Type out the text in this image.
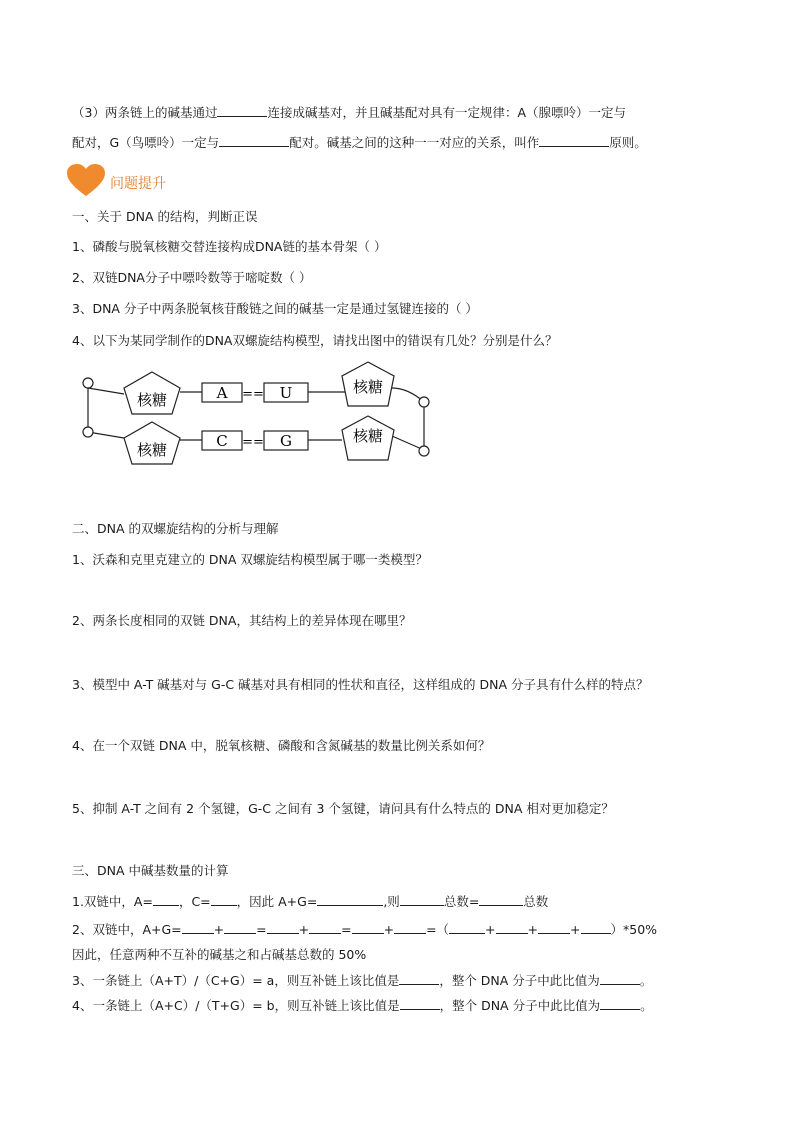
（3）两条链上的碱基通过	连接成碱基对，并且碱基配对具有一定规律：A（腺嘌呤）一定与
配对，G（鸟嘌呤）一定与	配对。碱基之间的这种一一对应的关系，叫作	原则。
问题提升
一、关于 DNA 的结构，判断正误
1、磷酸与脱氧核糖交替连接构成DNA链的基本骨架（ ）
2、双链DNA分子中嘌呤数等于嘧啶数（ ）
3、DNA 分子中两条脱氧核苷酸链之间的碱基一定是通过氢键连接的（ ）
4、以下为某同学制作的DNA双螺旋结构模型，请找出图中的错误有几处？分别是什么？
核糖
核糖
核糖
核糖
A	U
C	G
==
==
二、DNA 的双螺旋结构的分析与理解
1、沃森和克里克建立的 DNA 双螺旋结构模型属于哪一类模型？
2、两条长度相同的双链 DNA，其结构上的差异体现在哪里？
3、模型中 A-T 碱基对与 G-C 碱基对具有相同的性状和直径，这样组成的 DNA 分子具有什么样的特点？
4、在一个双链 DNA 中，脱氧核糖、磷酸和含氮碱基的数量比例关系如何？
5、抑制 A-T 之间有 2 个氢键，G-C 之间有 3 个氢键，请问具有什么特点的 DNA 相对更加稳定？
三、DNA 中碱基数量的计算
1.双链中，A= ，C= ，因此 A+G=	,则	总数=	总数
2、双链中，A+G=	+	=	+	=	+	=（	+	+	+ ）*50%
因此，任意两种不互补的碱基之和占碱基总数的 50%
3、一条链上（A+T）/（C+G）= a，则互补链上该比值是	，整个 DNA 分子中此比值为	。
4、一条链上（A+C）/（T+G）= b，则互补链上该比值是	，整个 DNA 分子中此比值为	。
